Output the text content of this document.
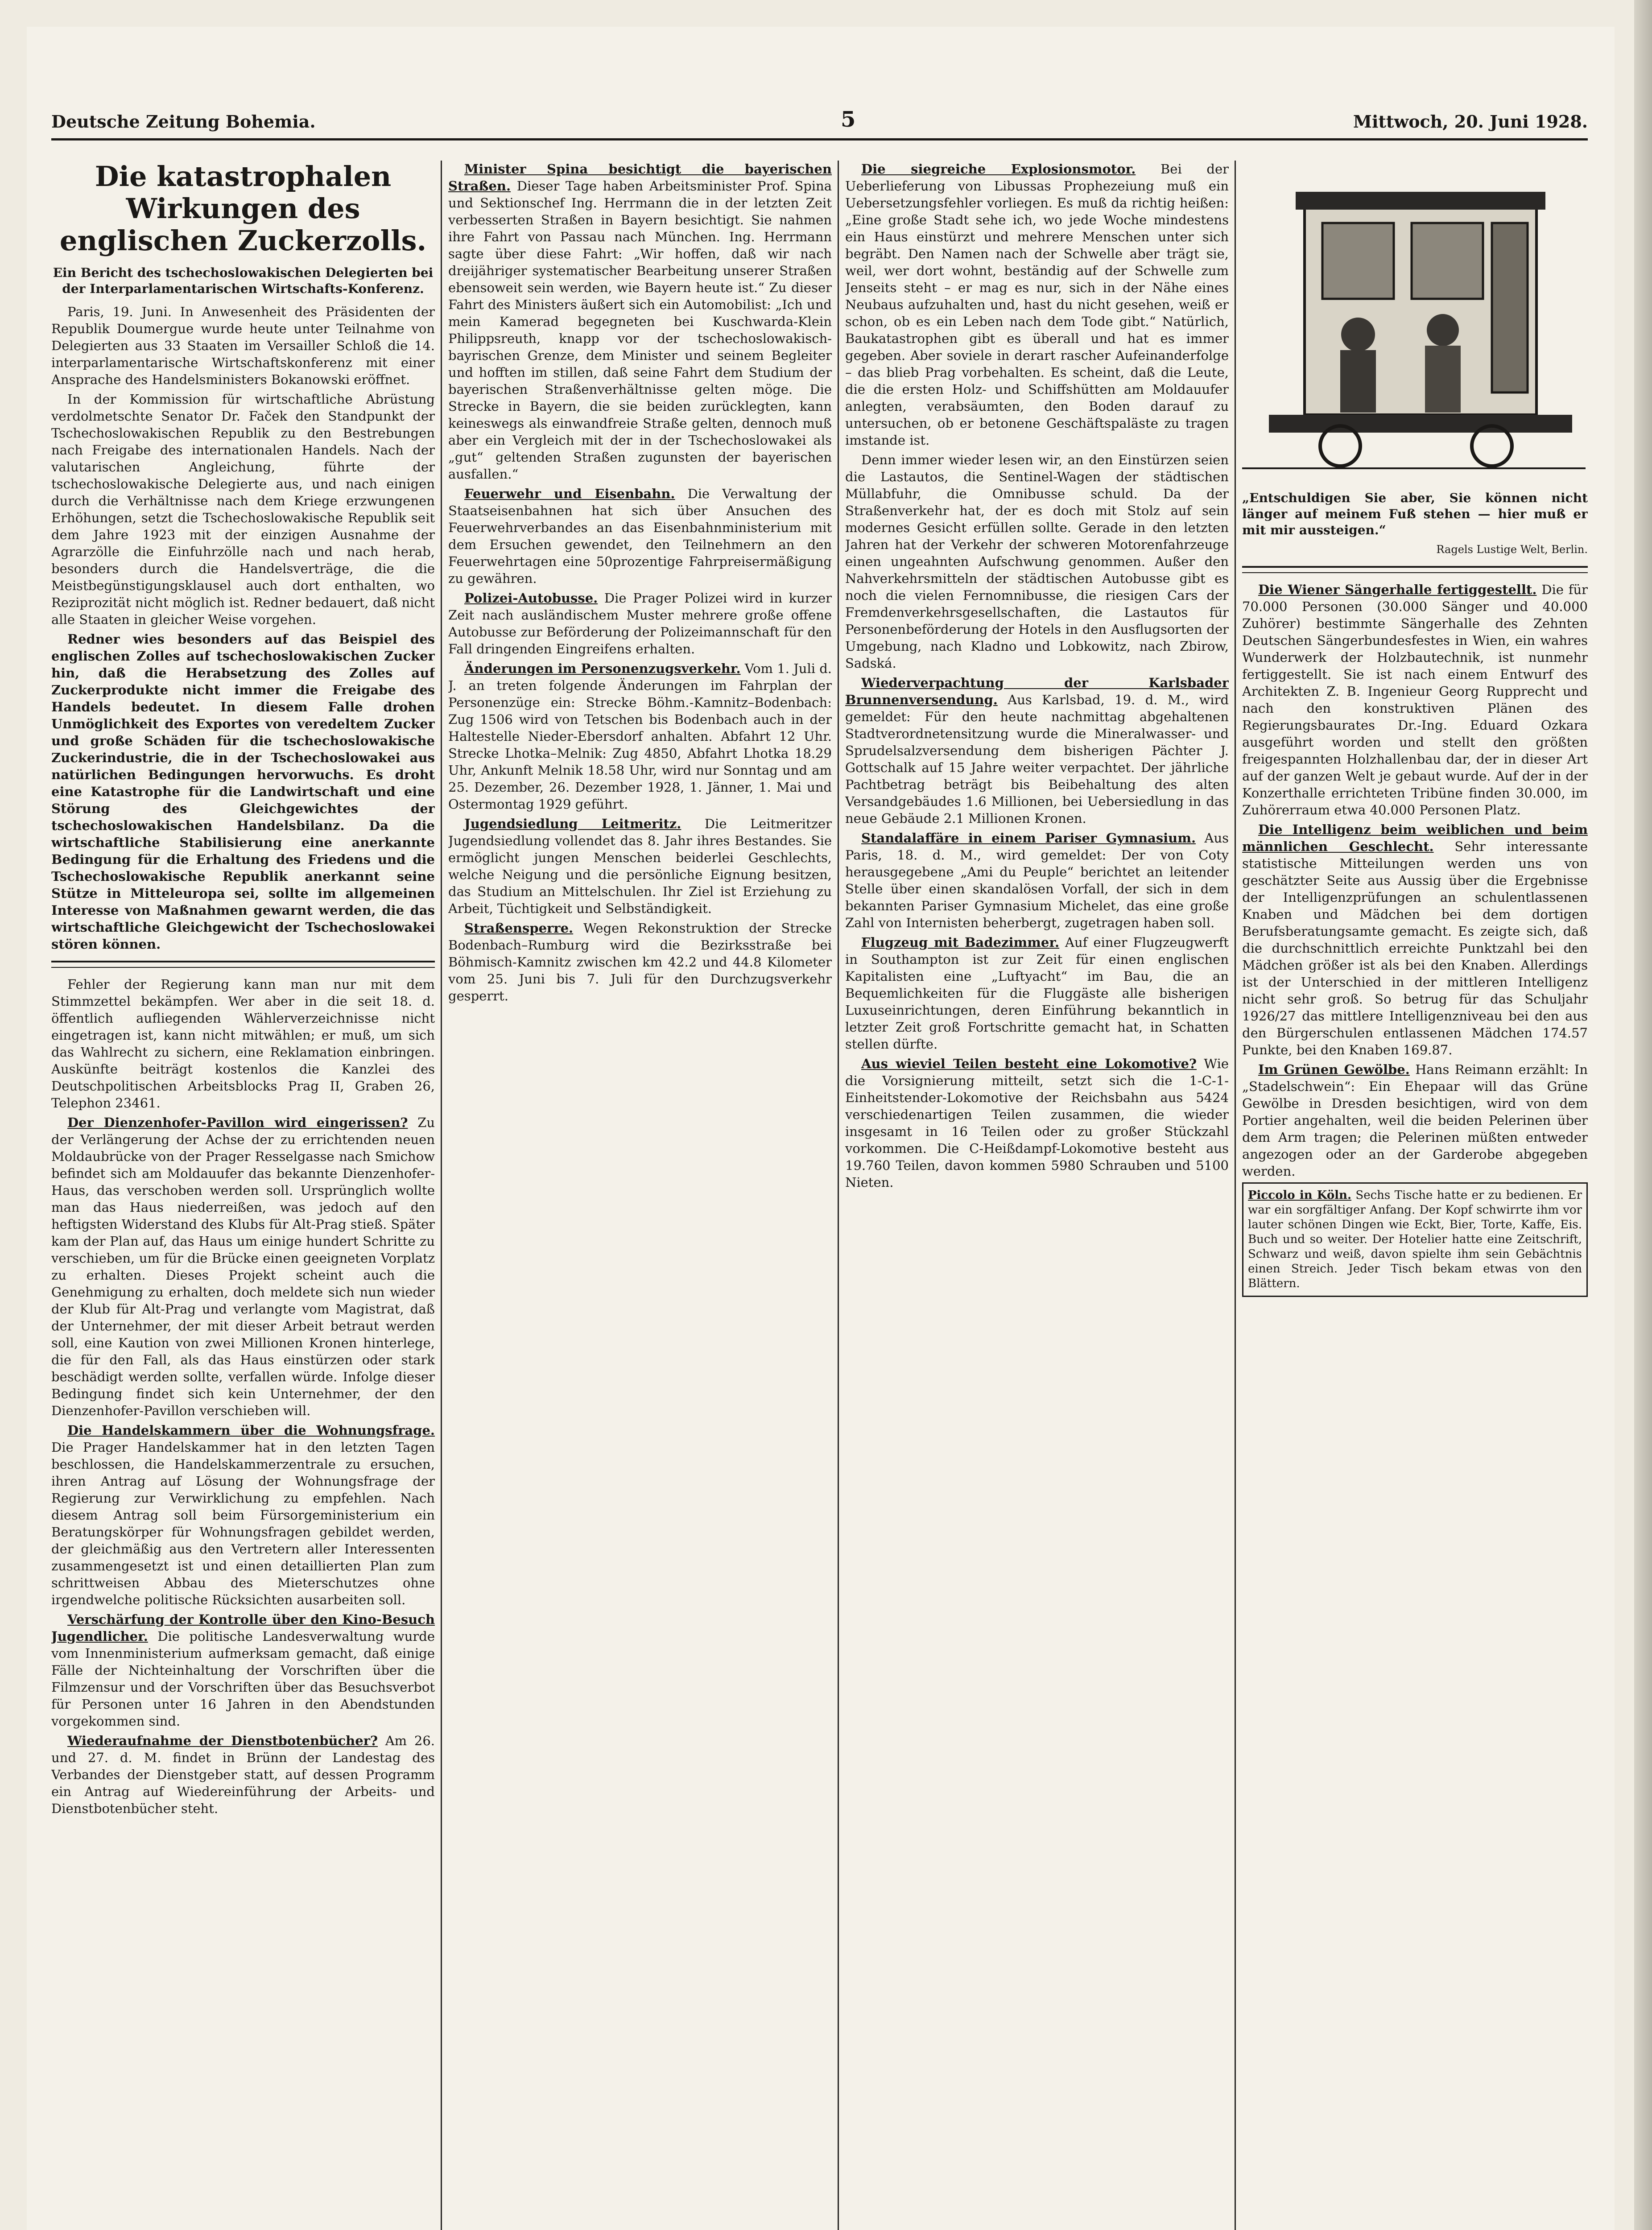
Deutsche Zeitung Bohemia.	5	Mittwoch, 20. Juni 1928.
Die katastrophalen Wirkungen des englischen Zuckerzolls.
Ein Bericht des tschechoslowakischen Delegierten bei der Interparlamentarischen Wirtschafts-Konferenz.

Paris, 19. Juni. In Anwesenheit des Präsidenten der Republik Doumergue wurde heute unter Teilnahme von Delegierten aus 33 Staaten im Versailler Schloß die 14. interparlamentarische Wirtschaftskonferenz mit einer Ansprache des Handelsministers Bokanowski eröffnet.

In der Kommission für wirtschaftliche Abrüstung verdolmetschte Senator Dr. Faček den Standpunkt der Tschechoslowakischen Republik zu den Bestrebungen nach Freigabe des internationalen Handels. Nach der valutarischen Angleichung, führte der tschechoslowakische Delegierte aus, und nach einigen durch die Verhältnisse nach dem Kriege erzwungenen Erhöhungen, setzt die Tschechoslowakische Republik seit dem Jahre 1923 mit der einzigen Ausnahme der Agrarzölle die Einfuhrzölle nach und nach herab, besonders durch die Handelsverträge, die die Meistbegünstigungsklausel auch dort enthalten, wo Reziprozität nicht möglich ist. Redner bedauert, daß nicht alle Staaten in gleicher Weise vorgehen.

Redner wies besonders auf das Beispiel des englischen Zolles auf tschechoslowakischen Zucker hin, daß die Herabsetzung des Zolles auf Zuckerprodukte nicht immer die Freigabe des Handels bedeutet. In diesem Falle drohen Unmöglichkeit des Exportes von veredeltem Zucker und große Schäden für die tschechoslowakische Zuckerindustrie, die in der Tschechoslowakei aus natürlichen Bedingungen hervorwuchs. Es droht eine Katastrophe für die Landwirtschaft und eine Störung des Gleichgewichtes der tschechoslowakischen Handelsbilanz. Da die wirtschaftliche Stabilisierung eine anerkannte Bedingung für die Erhaltung des Friedens und die Tschechoslowakische Republik anerkannt seine Stütze in Mitteleuropa sei, sollte im allgemeinen Interesse von Maßnahmen gewarnt werden, die das wirtschaftliche Gleichgewicht der Tschechoslowakei stören können.

Fehler der Regierung kann man nur mit dem Stimmzettel bekämpfen. Wer aber in die seit 18. d. öffentlich aufliegenden Wählerverzeichnisse nicht eingetragen ist, kann nicht mitwählen; er muß, um sich das Wahlrecht zu sichern, eine Reklamation einbringen. Auskünfte beiträgt kostenlos die Kanzlei des Deutschpolitischen Arbeitsblocks Prag II, Graben 26, Telephon 23461.

Der Dienzenhofer-Pavillon wird eingerissen? Zu der Verlängerung der Achse der zu errichtenden neuen Moldaubrücke von der Prager Resselgasse nach Smichow befindet sich am Moldauufer das bekannte Dienzenhofer-Haus, das verschoben werden soll. Ursprünglich wollte man das Haus niederreißen, was jedoch auf den heftigsten Widerstand des Klubs für Alt-Prag stieß. Später kam der Plan auf, das Haus um einige hundert Schritte zu verschieben, um für die Brücke einen geeigneten Vorplatz zu erhalten. Dieses Projekt scheint auch die Genehmigung zu erhalten, doch meldete sich nun wieder der Klub für Alt-Prag und verlangte vom Magistrat, daß der Unternehmer, der mit dieser Arbeit betraut werden soll, eine Kaution von zwei Millionen Kronen hinterlege, die für den Fall, als das Haus einstürzen oder stark beschädigt werden sollte, verfallen würde. Infolge dieser Bedingung findet sich kein Unternehmer, der den Dienzenhofer-Pavillon verschieben will.

Die Handelskammern über die Wohnungsfrage. Die Prager Handelskammer hat in den letzten Tagen beschlossen, die Handelskammerzentrale zu ersuchen, ihren Antrag auf Lösung der Wohnungsfrage der Regierung zur Verwirklichung zu empfehlen. Nach diesem Antrag soll beim Fürsorgeministerium ein Beratungskörper für Wohnungsfragen gebildet werden, der gleichmäßig aus den Vertretern aller Interessenten zusammengesetzt ist und einen detaillierten Plan zum schrittweisen Abbau des Mieterschutzes ohne irgendwelche politische Rücksichten ausarbeiten soll.

Verschärfung der Kontrolle über den Kino-Besuch Jugendlicher. Die politische Landesverwaltung wurde vom Innenministerium aufmerksam gemacht, daß einige Fälle der Nichteinhaltung der Vorschriften über die Filmzensur und der Vorschriften über das Besuchsverbot für Personen unter 16 Jahren in den Abendstunden vorgekommen sind.

Wiederaufnahme der Dienstbotenbücher? Am 26. und 27. d. M. findet in Brünn der Landestag des Verbandes der Dienstgeber statt, auf dessen Programm ein Antrag auf Wiedereinführung der Arbeits- und Dienstbotenbücher steht.

Minister Spina besichtigt die bayerischen Straßen. Dieser Tage haben Arbeitsminister Prof. Spina und Sektionschef Ing. Herrmann die in der letzten Zeit verbesserten Straßen in Bayern besichtigt. Sie nahmen ihre Fahrt von Passau nach München. Ing. Herrmann sagte über diese Fahrt: „Wir hoffen, daß wir nach dreijähriger systematischer Bearbeitung unserer Straßen ebensoweit sein werden, wie Bayern heute ist.“ Zu dieser Fahrt des Ministers äußert sich ein Automobilist: „Ich und mein Kamerad begegneten bei Kuschwarda-Klein Philippsreuth, knapp vor der tschechoslowakisch-bayrischen Grenze, dem Minister und seinem Begleiter und hofften im stillen, daß seine Fahrt dem Studium der bayerischen Straßenverhältnisse gelten möge. Die Strecke in Bayern, die sie beiden zurücklegten, kann keineswegs als einwandfreie Straße gelten, dennoch muß aber ein Vergleich mit der in der Tschechoslowakei als „gut“ geltenden Straßen zugunsten der bayerischen ausfallen.“

Feuerwehr und Eisenbahn. Die Verwaltung der Staatseisenbahnen hat sich über Ansuchen des Feuerwehrverbandes an das Eisenbahnministerium mit dem Ersuchen gewendet, den Teilnehmern an den Feuerwehrtagen eine 50prozentige Fahrpreisermäßigung zu gewähren.

Polizei-Autobusse. Die Prager Polizei wird in kurzer Zeit nach ausländischem Muster mehrere große offene Autobusse zur Beförderung der Polizeimannschaft für den Fall dringenden Eingreifens erhalten.

Änderungen im Personenzugsverkehr. Vom 1. Juli d. J. an treten folgende Änderungen im Fahrplan der Personenzüge ein: Strecke Böhm.-Kamnitz–Bodenbach: Zug 1506 wird von Tetschen bis Bodenbach auch in der Haltestelle Nieder-Ebersdorf anhalten. Abfahrt 12 Uhr. Strecke Lhotka–Melnik: Zug 4850, Abfahrt Lhotka 18.29 Uhr, Ankunft Melnik 18.58 Uhr, wird nur Sonntag und am 25. Dezember, 26. Dezember 1928, 1. Jänner, 1. Mai und Ostermontag 1929 geführt.

Jugendsiedlung Leitmeritz. Die Leitmeritzer Jugendsiedlung vollendet das 8. Jahr ihres Bestandes. Sie ermöglicht jungen Menschen beiderlei Geschlechts, welche Neigung und die persönliche Eignung besitzen, das Studium an Mittelschulen. Ihr Ziel ist Erziehung zu Arbeit, Tüchtigkeit und Selbständigkeit.

Straßensperre. Wegen Rekonstruktion der Strecke Bodenbach–Rumburg wird die Bezirksstraße bei Böhmisch-Kamnitz zwischen km 42.2 und 44.8 Kilometer vom 25. Juni bis 7. Juli für den Durchzugsverkehr gesperrt.

Die siegreiche Explosionsmotor. Bei der Ueberlieferung von Libussas Prophezeiung muß ein Uebersetzungsfehler vorliegen. Es muß da richtig heißen: „Eine große Stadt sehe ich, wo jede Woche mindestens ein Haus einstürzt und mehrere Menschen unter sich begräbt. Den Namen nach der Schwelle aber trägt sie, weil, wer dort wohnt, beständig auf der Schwelle zum Jenseits steht – er mag es nur, sich in der Nähe eines Neubaus aufzuhalten und, hast du nicht gesehen, weiß er schon, ob es ein Leben nach dem Tode gibt.“ Natürlich, Baukatastrophen gibt es überall und hat es immer gegeben. Aber soviele in derart rascher Aufeinanderfolge – das blieb Prag vorbehalten. Es scheint, daß die Leute, die die ersten Holz- und Schiffshütten am Moldauufer anlegten, verabsäumten, den Boden darauf zu untersuchen, ob er betonene Geschäftspaläste zu tragen imstande ist.

Denn immer wieder lesen wir, an den Einstürzen seien die Lastautos, die Sentinel-Wagen der städtischen Müllabfuhr, die Omnibusse schuld. Da der Straßenverkehr hat, der es doch mit Stolz auf sein modernes Gesicht erfüllen sollte. Gerade in den letzten Jahren hat der Verkehr der schweren Motorenfahrzeuge einen ungeahnten Aufschwung genommen. Außer den Nahverkehrsmitteln der städtischen Autobusse gibt es noch die vielen Fernomnibusse, die riesigen Cars der Fremdenverkehrsgesellschaften, die Lastautos für Personenbeförderung der Hotels in den Ausflugsorten der Umgebung, nach Kladno und Lobkowitz, nach Zbirow, Sadská.

Wiederverpachtung der Karlsbader Brunnenversendung. Aus Karlsbad, 19. d. M., wird gemeldet: Für den heute nachmittag abgehaltenen Stadtverordnetensitzung wurde die Mineralwasser- und Sprudelsalzversendung dem bisherigen Pächter J. Gottschalk auf 15 Jahre weiter verpachtet. Der jährliche Pachtbetrag beträgt bis Beibehaltung des alten Versandgebäudes 1.6 Millionen, bei Uebersiedlung in das neue Gebäude 2.1 Millionen Kronen.

Standalaffäre in einem Pariser Gymnasium. Aus Paris, 18. d. M., wird gemeldet: Der von Coty herausgegebene „Ami du Peuple“ berichtet an leitender Stelle über einen skandalösen Vorfall, der sich in dem bekannten Pariser Gymnasium Michelet, das eine große Zahl von Internisten beherbergt, zugetragen haben soll.

Flugzeug mit Badezimmer. Auf einer Flugzeugwerft in Southampton ist zur Zeit für einen englischen Kapitalisten eine „Luftyacht“ im Bau, die an Bequemlichkeiten für die Fluggäste alle bisherigen Luxuseinrichtungen, deren Einführung bekanntlich in letzter Zeit groß Fortschritte gemacht hat, in Schatten stellen dürfte.

Aus wieviel Teilen besteht eine Lokomotive? Wie die Vorsignierung mitteilt, setzt sich die 1-C-1-Einheitstender-Lokomotive der Reichsbahn aus 5424 verschiedenartigen Teilen zusammen, die wieder insgesamt in 16 Teilen oder zu großer Stückzahl vorkommen. Die C-Heißdampf-Lokomotive besteht aus 19.760 Teilen, davon kommen 5980 Schrauben und 5100 Nieten.

„Entschuldigen Sie aber, Sie können nicht länger auf meinem Fuß stehen — hier muß er mit mir aussteigen.“
Ragels Lustige Welt, Berlin.

Die Wiener Sängerhalle fertiggestellt. Die für 70.000 Personen (30.000 Sänger und 40.000 Zuhörer) bestimmte Sängerhalle des Zehnten Deutschen Sängerbundesfestes in Wien, ein wahres Wunderwerk der Holzbautechnik, ist nunmehr fertiggestellt. Sie ist nach einem Entwurf des Architekten Z. B. Ingenieur Georg Rupprecht und nach den konstruktiven Plänen des Regierungsbaurates Dr.-Ing. Eduard Ozkara ausgeführt worden und stellt den größten freigespannten Holzhallenbau dar, der in dieser Art auf der ganzen Welt je gebaut wurde. Auf der in der Konzerthalle errichteten Tribüne finden 30.000, im Zuhörerraum etwa 40.000 Personen Platz.

Die Intelligenz beim weiblichen und beim männlichen Geschlecht. Sehr interessante statistische Mitteilungen werden uns von geschätzter Seite aus Aussig über die Ergebnisse der Intelligenzprüfungen an schulentlassenen Knaben und Mädchen bei dem dortigen Berufsberatungsamte gemacht. Es zeigte sich, daß die durchschnittlich erreichte Punktzahl bei den Mädchen größer ist als bei den Knaben. Allerdings ist der Unterschied in der mittleren Intelligenz nicht sehr groß. So betrug für das Schuljahr 1926/27 das mittlere Intelligenzniveau bei den aus den Bürgerschulen entlassenen Mädchen 174.57 Punkte, bei den Knaben 169.87.

Im Grünen Gewölbe. Hans Reimann erzählt: In „Stadelschwein“: Ein Ehepaar will das Grüne Gewölbe in Dresden besichtigen, wird von dem Portier angehalten, weil die beiden Pelerinen über dem Arm tragen; die Pelerinen müßten entweder angezogen oder an der Garderobe abgegeben werden.

Piccolo in Köln. Sechs Tische hatte er zu bedienen. Er war ein sorgfältiger Anfang. Der Kopf schwirrte ihm vor lauter schönen Dingen wie Eckt, Bier, Torte, Kaffe, Eis. Buch und so weiter. Der Hotelier hatte eine Zeitschrift, Schwarz und weiß, davon spielte ihm sein Gebächtnis einen Streich. Jeder Tisch bekam etwas von den Blättern.
